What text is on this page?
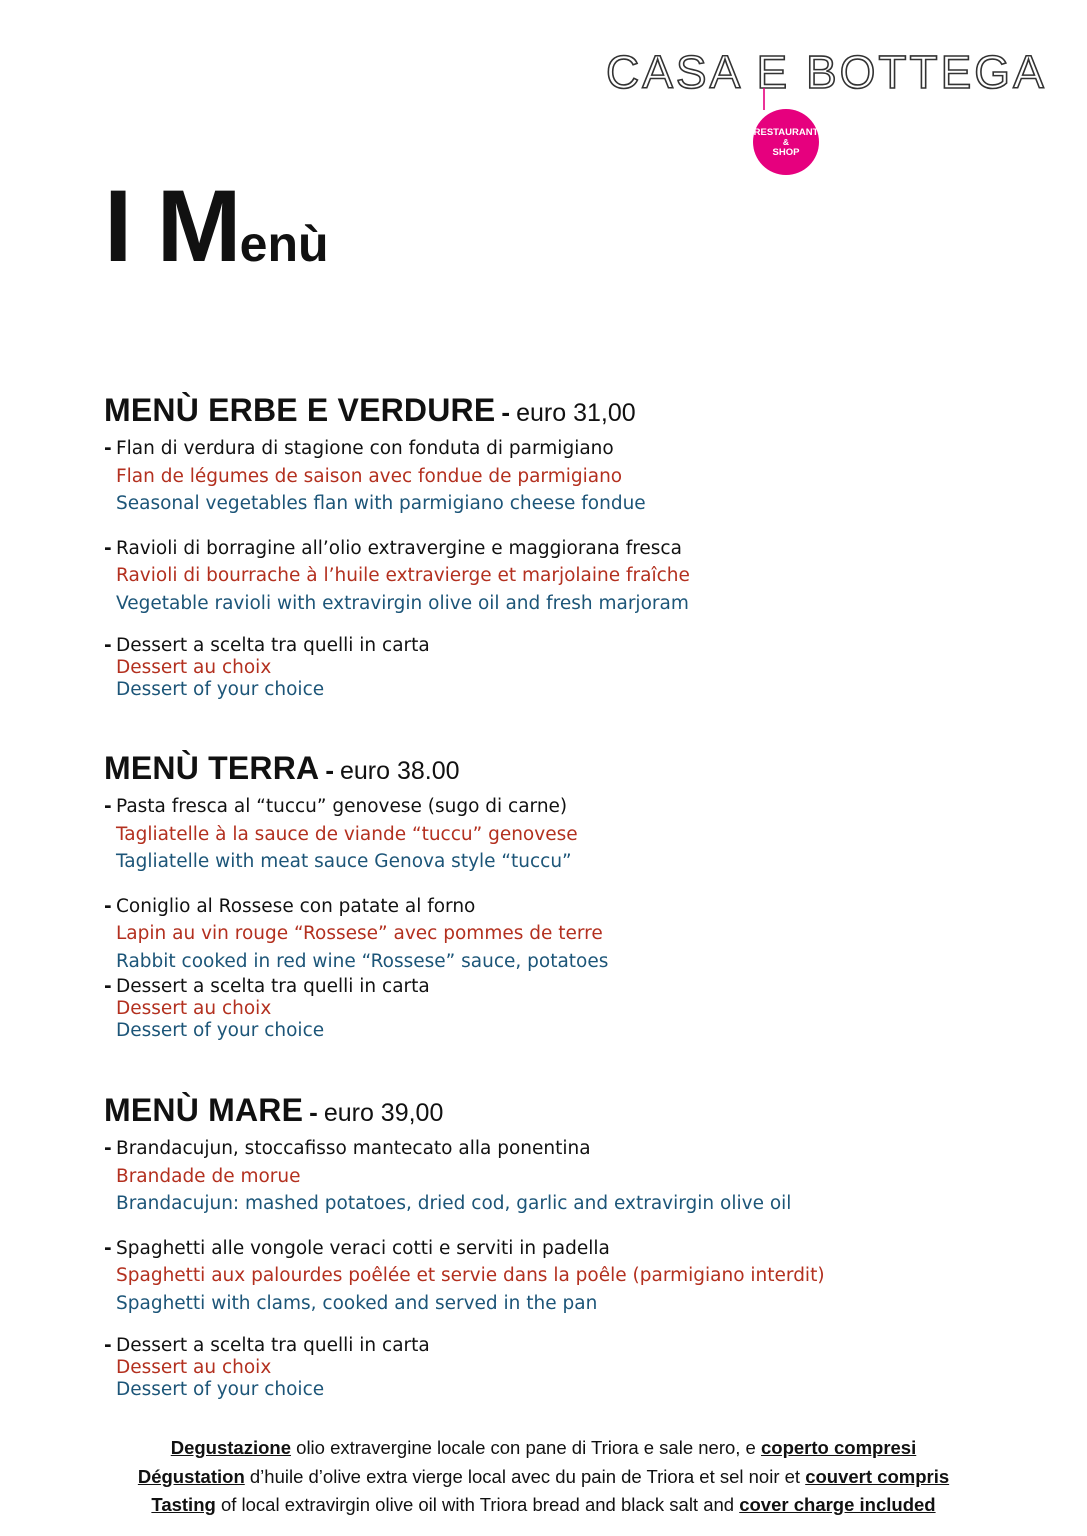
CASA E BOTTEGA
RESTAURANT
&
SHOP
I Menù
MENÙ ERBE E VERDURE - euro 31,00
- Flan di verdura di stagione con fonduta di parmigiano
Flan de légumes de saison avec fondue de parmigiano
Seasonal vegetables flan with parmigiano cheese fondue
- Ravioli di borragine all’olio extravergine e maggiorana fresca
Ravioli di bourrache à l’huile extravierge et marjolaine fraîche
Vegetable ravioli with extravirgin olive oil and fresh marjoram
- Dessert a scelta tra quelli in carta
Dessert au choix
Dessert of your choice
MENÙ TERRA - euro 38.00
- Pasta fresca al “tuccu” genovese (sugo di carne)
Tagliatelle à la sauce de viande “tuccu” genovese
Tagliatelle with meat sauce Genova style “tuccu”
- Coniglio al Rossese con patate al forno
Lapin au vin rouge “Rossese” avec pommes de terre
Rabbit cooked in red wine “Rossese” sauce, potatoes
- Dessert a scelta tra quelli in carta
Dessert au choix
Dessert of your choice
MENÙ MARE - euro 39,00
- Brandacujun, stoccafisso mantecato alla ponentina
Brandade de morue
Brandacujun: mashed potatoes, dried cod, garlic and extravirgin olive oil
- Spaghetti alle vongole veraci cotti e serviti in padella
Spaghetti aux palourdes poêlée et servie dans la poêle (parmigiano interdit)
Spaghetti with clams, cooked and served in the pan
- Dessert a scelta tra quelli in carta
Dessert au choix
Dessert of your choice
Degustazione olio extravergine locale con pane di Triora e sale nero, e coperto compresi
Dégustation d’huile d’olive extra vierge local avec du pain de Triora et sel noir et couvert compris
Tasting of local extravirgin olive oil with Triora bread and black salt and cover charge included
